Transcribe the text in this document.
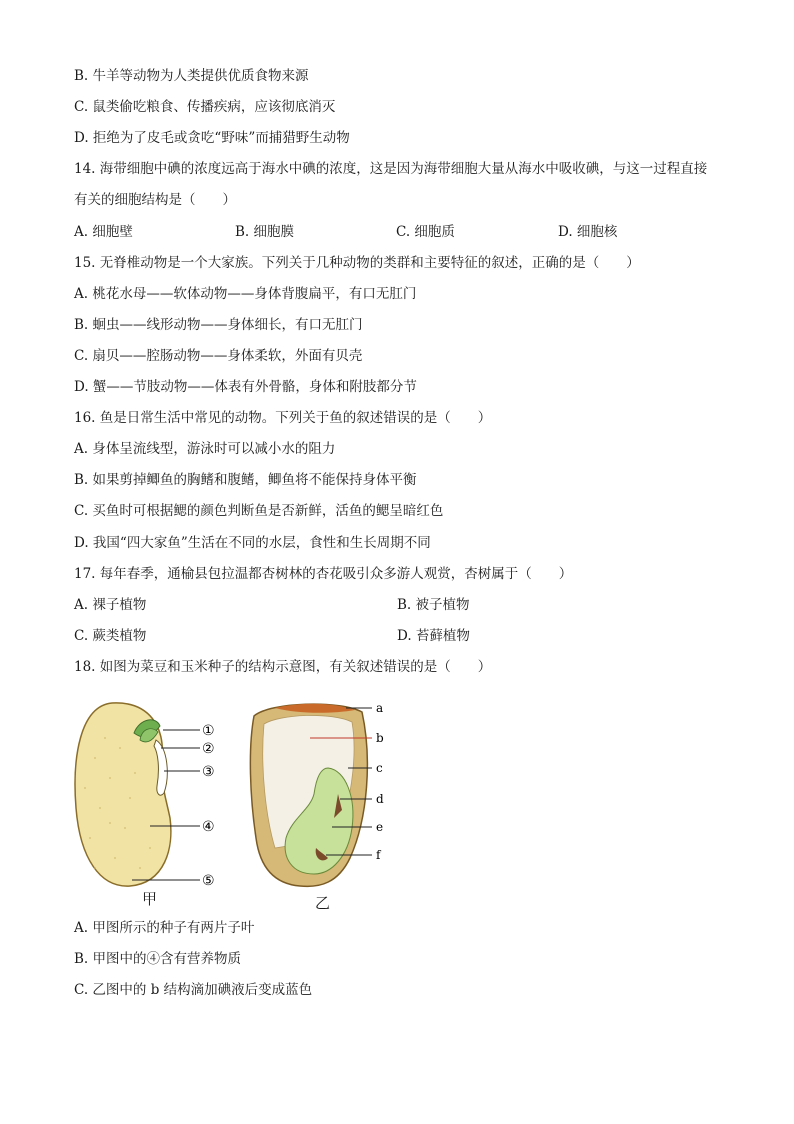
B. 牛羊等动物为人类提供优质食物来源
C. 鼠类偷吃粮食、传播疾病，应该彻底消灭
D. 拒绝为了皮毛或贪吃“野味”而捕猎野生动物
14. 海带细胞中碘的浓度远高于海水中碘的浓度，这是因为海带细胞大量从海水中吸收碘，与这一过程直接
有关的细胞结构是（　　）
A. 细胞壁	B. 细胞膜	C. 细胞质	D. 细胞核
15. 无脊椎动物是一个大家族。下列关于几种动物的类群和主要特征的叙述，正确的是（　　）
A. 桃花水母——软体动物——身体背腹扁平，有口无肛门
B. 蛔虫——线形动物——身体细长，有口无肛门
C. 扇贝——腔肠动物——身体柔软，外面有贝壳
D. 蟹——节肢动物——体表有外骨骼，身体和附肢都分节
16. 鱼是日常生活中常见的动物。下列关于鱼的叙述错误的是（　　）
A. 身体呈流线型，游泳时可以减小水的阻力
B. 如果剪掉鲫鱼的胸鳍和腹鳍，鲫鱼将不能保持身体平衡
C. 买鱼时可根据鳃的颜色判断鱼是否新鲜，活鱼的鳃呈暗红色
D. 我国“四大家鱼”生活在不同的水层，食性和生长周期不同
17. 每年春季，通榆县包拉温都杏树林的杏花吸引众多游人观赏，杏树属于（　　）
A. 裸子植物	B. 被子植物
C. 蕨类植物	D. 苔藓植物
18. 如图为菜豆和玉米种子的结构示意图，有关叙述错误的是（　　）
①
②
③
④
⑤
a
b
c
d
e
f
甲	乙
A. 甲图所示的种子有两片子叶
B. 甲图中的④含有营养物质
C. 乙图中的 b 结构滴加碘液后变成蓝色
